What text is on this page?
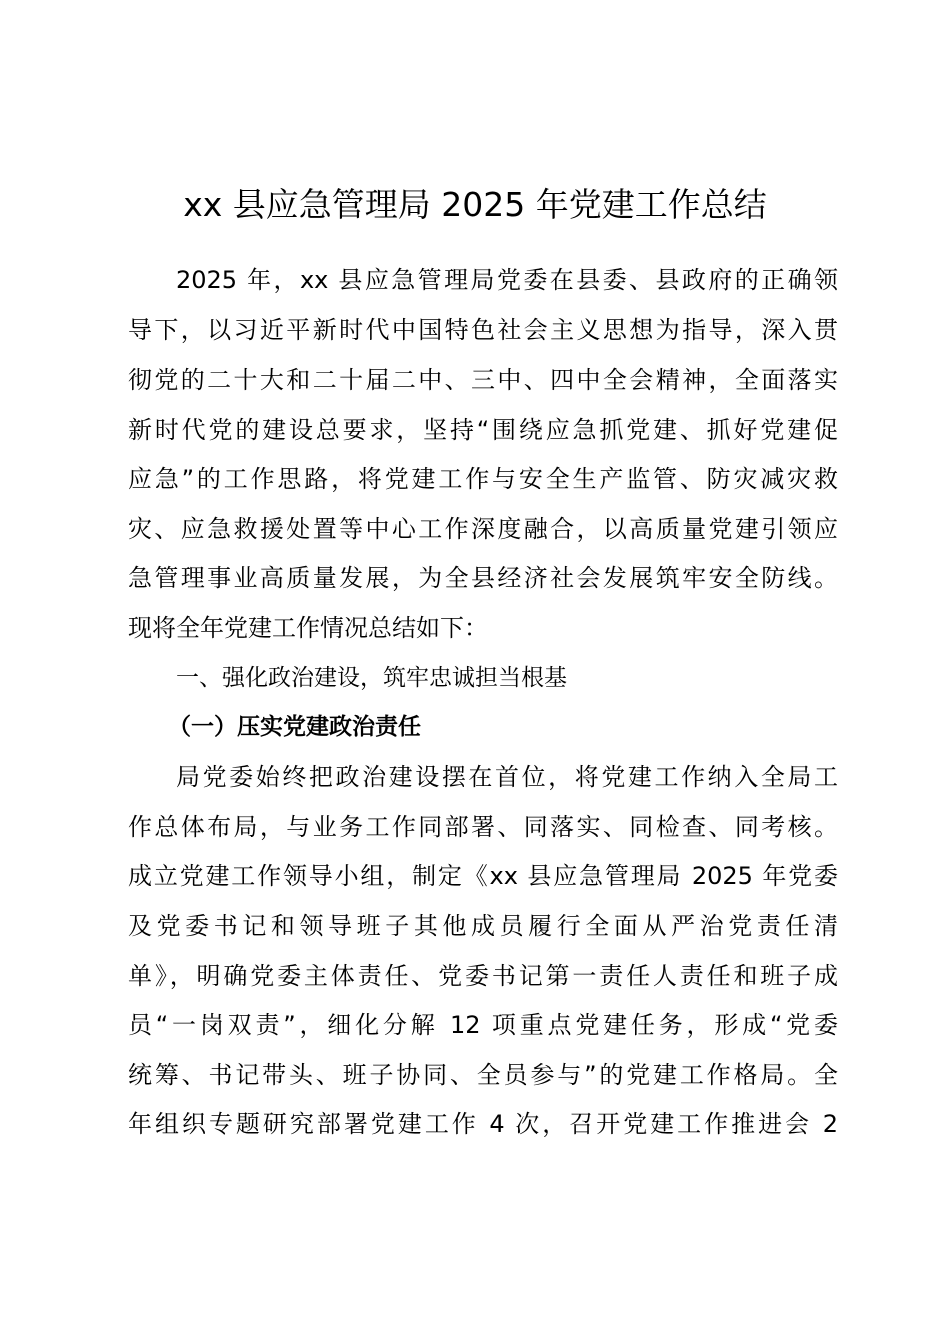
xx 县应急管理局 2025 年党建工作总结
2025 年，xx 县应急管理局党委在县委、县政府的正确领
导下，以习近平新时代中国特色社会主义思想为指导，深入贯
彻党的二十大和二十届二中、三中、四中全会精神，全面落实
新时代党的建设总要求，坚持“围绕应急抓党建、抓好党建促
应急”的工作思路，将党建工作与安全生产监管、防灾减灾救
灾、应急救援处置等中心工作深度融合，以高质量党建引领应
急管理事业高质量发展，为全县经济社会发展筑牢安全防线。
现将全年党建工作情况总结如下：
一、强化政治建设，筑牢忠诚担当根基
（一）压实党建政治责任
局党委始终把政治建设摆在首位，将党建工作纳入全局工
作总体布局，与业务工作同部署、同落实、同检查、同考核。
成立党建工作领导小组，制定《xx 县应急管理局 2025 年党委
及党委书记和领导班子其他成员履行全面从严治党责任清
单》，明确党委主体责任、党委书记第一责任人责任和班子成
员“一岗双责”，细化分解 12 项重点党建任务，形成“党委
统筹、书记带头、班子协同、全员参与”的党建工作格局。全
年组织专题研究部署党建工作 4 次，召开党建工作推进会 2
